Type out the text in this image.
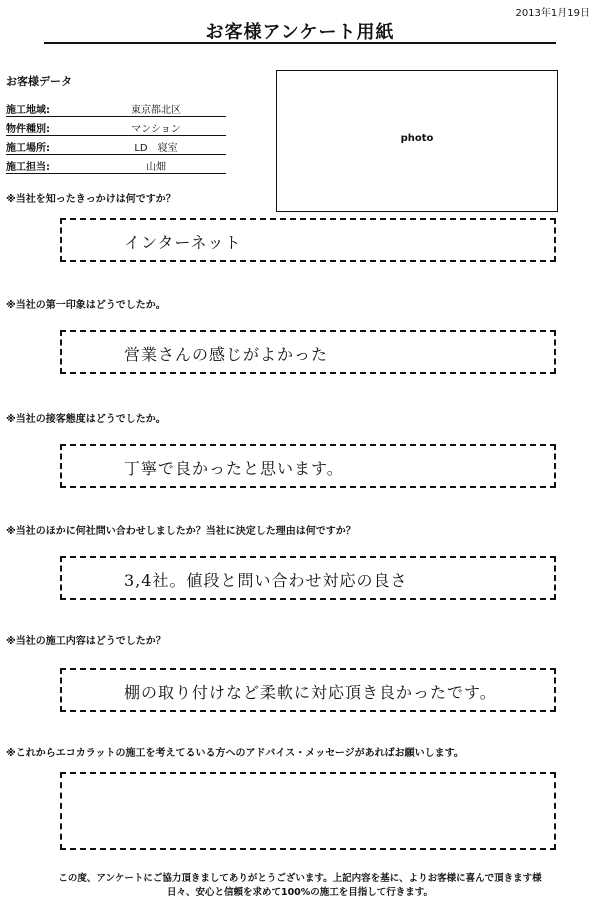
2013年1月19日
お客様アンケート用紙
お客様データ
施工地域:	東京都北区
物件種別:	マンション
施工場所:	LD　寝室
施工担当:	山畑
photo
※当社を知ったきっかけは何ですか？
インターネット
※当社の第一印象はどうでしたか。
営業さんの感じがよかった
※当社の接客態度はどうでしたか。
丁寧で良かったと思います。
※当社のほかに何社問い合わせしましたか？当社に決定した理由は何ですか？
3,4社。値段と問い合わせ対応の良さ
※当社の施工内容はどうでしたか？
棚の取り付けなど柔軟に対応頂き良かったです。
※これからエコカラットの施工を考えてるいる方へのアドバイス・メッセージがあればお願いします。
この度、アンケートにご協力頂きましてありがとうございます。上記内容を基に、よりお客様に喜んで頂きます様
日々、安心と信頼を求めて100%の施工を目指して行きます。
